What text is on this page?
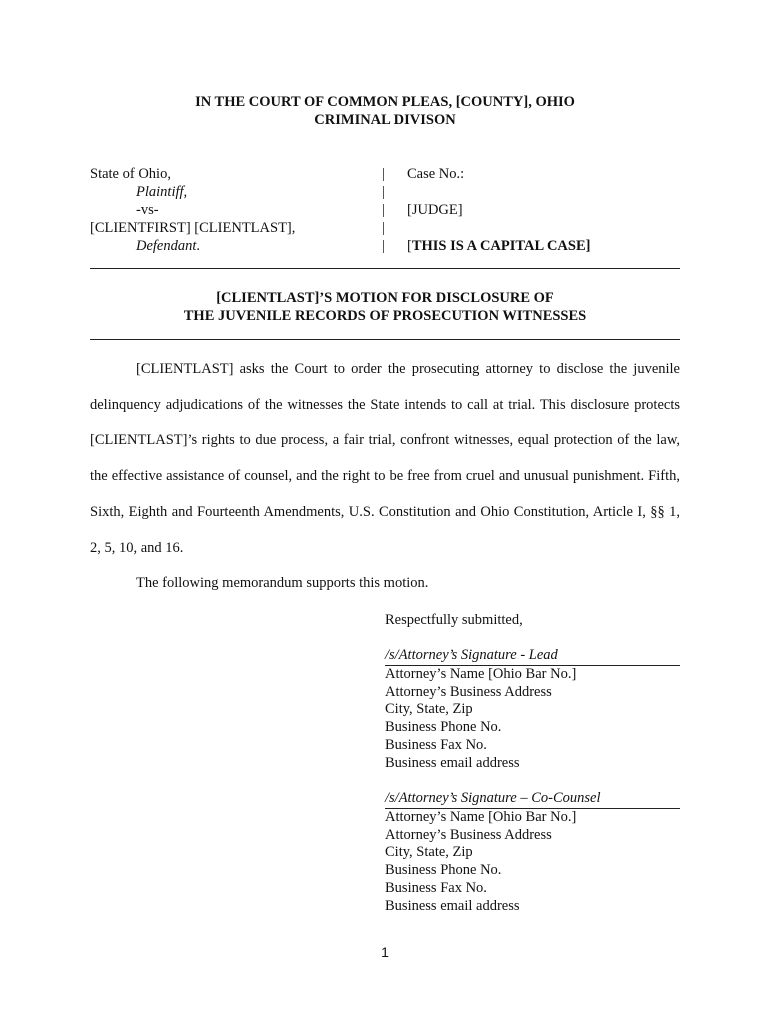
IN THE COURT OF COMMON PLEAS, [COUNTY], OHIO
CRIMINAL DIVISON
State of Ohio,
Plaintiff,
-vs-
[CLIENTFIRST] [CLIENTLAST],
Defendant.
|
|
|
|
|
Case No.:
[JUDGE]
[THIS IS A CAPITAL CASE]
[CLIENTLAST]’S MOTION FOR DISCLOSURE OF
THE JUVENILE RECORDS OF PROSECUTION WITNESSES
[CLIENTLAST] asks the Court to order the prosecuting attorney to disclose the juvenile delinquency adjudications of the witnesses the State intends to call at trial. This disclosure protects [CLIENTLAST]’s rights to due process, a fair trial, confront witnesses, equal protection of the law, the effective assistance of counsel, and the right to be free from cruel and unusual punishment. Fifth, Sixth, Eighth and Fourteenth Amendments, U.S. Constitution and Ohio Constitution, Article I, §§ 1, 2, 5, 10, and 16.
The following memorandum supports this motion.
Respectfully submitted,
/s/Attorney’s Signature - Lead
Attorney’s Name [Ohio Bar No.]
Attorney’s Business Address
City, State, Zip
Business Phone No.
Business Fax No.
Business email address
/s/Attorney’s Signature – Co-Counsel
Attorney’s Name [Ohio Bar No.]
Attorney’s Business Address
City, State, Zip
Business Phone No.
Business Fax No.
Business email address
1
